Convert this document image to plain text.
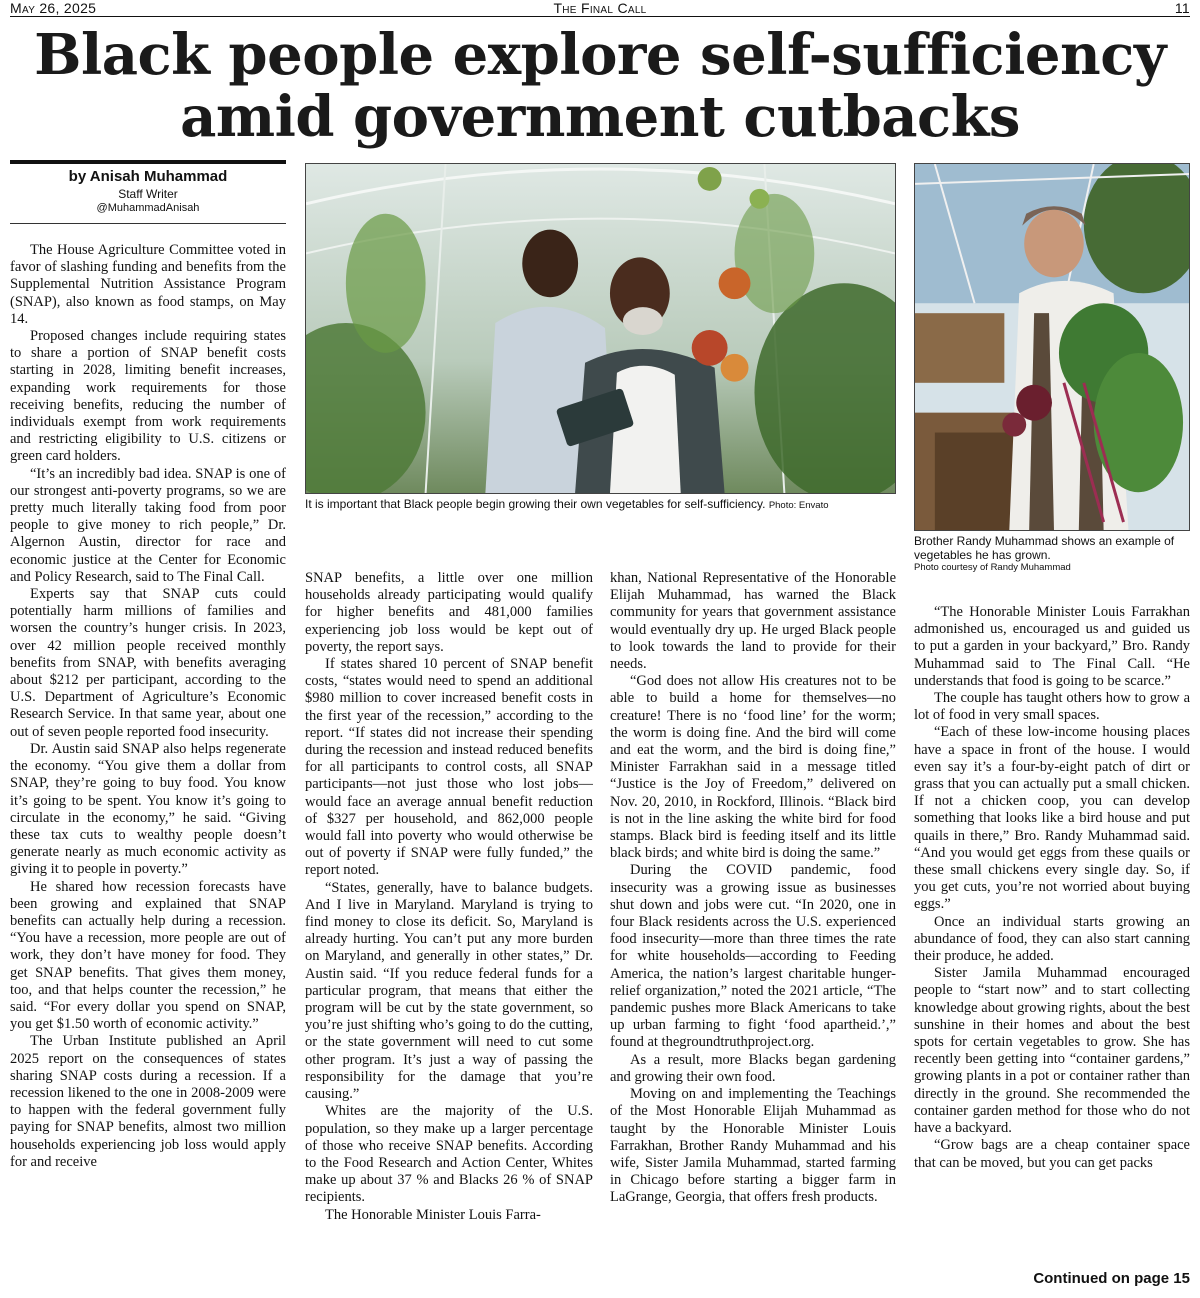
May 26, 2025	The Final Call	11
Black people explore self-sufficiency amid government cutbacks
by Anisah Muhammad
Staff Writer
@MuhammadAnisah

The House Agriculture Committee voted in favor of slashing funding and benefits from the Supplemental Nutrition Assistance Program (SNAP), also known as food stamps, on May 14.

Proposed changes include requiring states to share a portion of SNAP benefit costs starting in 2028, limiting benefit increases, expanding work requirements for those receiving benefits, reducing the number of individuals exempt from work requirements and restricting eligibility to U.S. citizens or green card holders.

“It’s an incredibly bad idea. SNAP is one of our strongest anti-poverty programs, so we are pretty much literally taking food from poor people to give money to rich people,” Dr. Algernon Austin, director for race and economic justice at the Center for Economic and Policy Research, said to The Final Call.

Experts say that SNAP cuts could potentially harm millions of families and worsen the country’s hunger crisis. In 2023, over 42 million people received monthly benefits from SNAP, with benefits averaging about $212 per participant, according to the U.S. Department of Agriculture’s Economic Research Service. In that same year, about one out of seven people reported food insecurity.

Dr. Austin said SNAP also helps regenerate the economy. “You give them a dollar from SNAP, they’re going to buy food. You know it’s going to be spent. You know it’s going to circulate in the economy,” he said. “Giving these tax cuts to wealthy people doesn’t generate nearly as much economic activity as giving it to people in poverty.”

He shared how recession forecasts have been growing and explained that SNAP benefits can actually help during a recession. “You have a recession, more people are out of work, they don’t have money for food. They get SNAP benefits. That gives them money, too, and that helps counter the recession,” he said. “For every dollar you spend on SNAP, you get $1.50 worth of economic activity.”

The Urban Institute published an April 2025 report on the consequences of states sharing SNAP costs during a recession. If a recession likened to the one in 2008-2009 were to happen with the federal government fully paying for SNAP benefits, almost two million households experiencing job loss would apply for and receive

SNAP benefits, a little over one million households already participating would qualify for higher benefits and 481,000 families experiencing job loss would be kept out of poverty, the report says.

If states shared 10 percent of SNAP benefit costs, “states would need to spend an additional $980 million to cover increased benefit costs in the first year of the recession,” according to the report. “If states did not increase their spending during the recession and instead reduced benefits for all participants to control costs, all SNAP participants—not just those who lost jobs—would face an average annual benefit reduction of $327 per household, and 862,000 people would fall into poverty who would otherwise be out of poverty if SNAP were fully funded,” the report noted.

“States, generally, have to balance budgets. And I live in Maryland. Maryland is trying to find money to close its deficit. So, Maryland is already hurting. You can’t put any more burden on Maryland, and generally in other states,” Dr. Austin said. “If you reduce federal funds for a particular program, that means that either the program will be cut by the state government, so you’re just shifting who’s going to do the cutting, or the state government will need to cut some other program. It’s just a way of passing the responsibility for the damage that you’re causing.”

Whites are the majority of the U.S. population, so they make up a larger percentage of those who receive SNAP benefits. According to the Food Research and Action Center, Whites make up about 37 % and Blacks 26 % of SNAP recipients.

The Honorable Minister Louis Farra-

khan, National Representative of the Honorable Elijah Muhammad, has warned the Black community for years that government assistance would eventually dry up. He urged Black people to look towards the land to provide for their needs.

“God does not allow His creatures not to be able to build a home for themselves—no creature! There is no ‘food line’ for the worm; the worm is doing fine. And the bird will come and eat the worm, and the bird is doing fine,” Minister Farrakhan said in a message titled “Justice is the Joy of Freedom,” delivered on Nov. 20, 2010, in Rockford, Illinois. “Black bird is not in the line asking the white bird for food stamps. Black bird is feeding itself and its little black birds; and white bird is doing the same.”

During the COVID pandemic, food insecurity was a growing issue as businesses shut down and jobs were cut. “In 2020, one in four Black residents across the U.S. experienced food insecurity—more than three times the rate for white households—according to Feeding America, the nation’s largest charitable hunger-relief organization,” noted the 2021 article, “The pandemic pushes more Black Americans to take up urban farming to fight ‘food apartheid.’,” found at thegroundtruthproject.org.

As a result, more Blacks began gardening and growing their own food.

Moving on and implementing the Teachings of the Most Honorable Elijah Muhammad as taught by the Honorable Minister Louis Farrakhan, Brother Randy Muhammad and his wife, Sister Jamila Muhammad, started farming in Chicago before starting a bigger farm in LaGrange, Georgia, that offers fresh products.

“The Honorable Minister Louis Farrakhan admonished us, encouraged us and guided us to put a garden in your backyard,” Bro. Randy Muhammad said to The Final Call. “He understands that food is going to be scarce.”

The couple has taught others how to grow a lot of food in very small spaces.

“Each of these low-income housing places have a space in front of the house. I would even say it’s a four-by-eight patch of dirt or grass that you can actually put a small chicken. If not a chicken coop, you can develop something that looks like a bird house and put quails in there,” Bro. Randy Muhammad said. “And you would get eggs from these quails or these small chickens every single day. So, if you get cuts, you’re not worried about buying eggs.”

Once an individual starts growing an abundance of food, they can also start canning their produce, he added.

Sister Jamila Muhammad encouraged people to “start now” and to start collecting knowledge about growing rights, about the best sunshine in their homes and about the best spots for certain vegetables to grow. She has recently been getting into “container gardens,” growing plants in a pot or container rather than directly in the ground. She recommended the container garden method for those who do not have a backyard.

“Grow bags are a cheap container space that can be moved, but you can get packs

It is important that Black people begin growing their own vegetables for self-sufficiency. Photo: Envato
Brother Randy Muhammad shows an example of vegetables he has grown.
Photo courtesy of Randy Muhammad
Continued on page 15
